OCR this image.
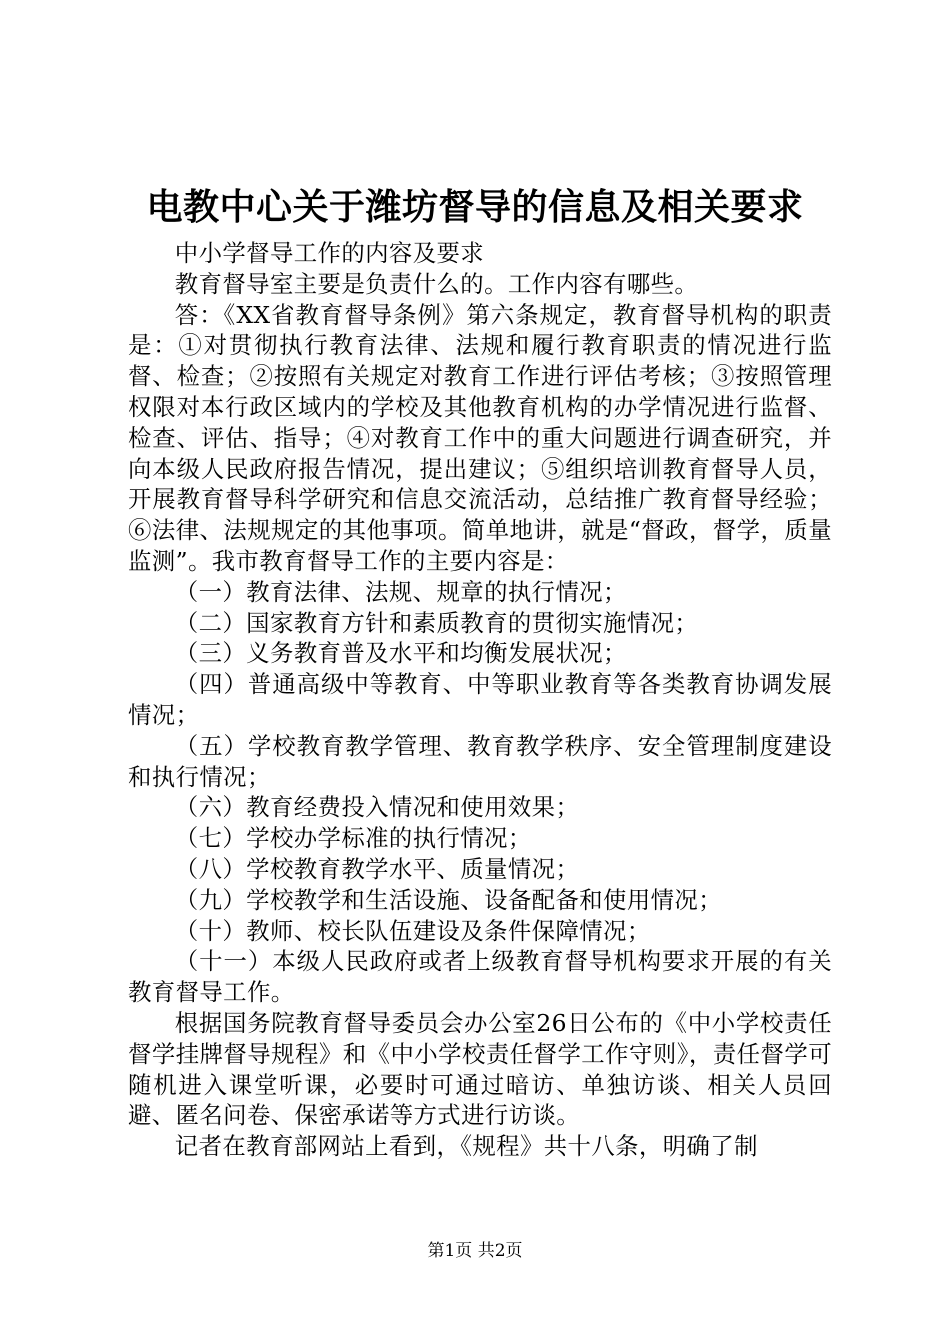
电教中心关于潍坊督导的信息及相关要求

中小学督导工作的内容及要求

教育督导室主要是负责什么的。工作内容有哪些。

答：《XX省教育督导条例》第六条规定，教育督导机构的职责是：①对贯彻执行教育法律、法规和履行教育职责的情况进行监督、检查；②按照有关规定对教育工作进行评估考核；③按照管理权限对本行政区域内的学校及其他教育机构的办学情况进行监督、检查、评估、指导；④对教育工作中的重大问题进行调查研究，并向本级人民政府报告情况，提出建议；⑤组织培训教育督导人员，开展教育督导科学研究和信息交流活动，总结推广教育督导经验；⑥法律、法规规定的其他事项。简单地讲，就是“督政，督学，质量监测”。我市教育督导工作的主要内容是：

（一）教育法律、法规、规章的执行情况；

（二）国家教育方针和素质教育的贯彻实施情况；

（三）义务教育普及水平和均衡发展状况；

（四）普通高级中等教育、中等职业教育等各类教育协调发展情况；

（五）学校教育教学管理、教育教学秩序、安全管理制度建设和执行情况；

（六）教育经费投入情况和使用效果；

（七）学校办学标准的执行情况；

（八）学校教育教学水平、质量情况；

（九）学校教学和生活设施、设备配备和使用情况；

（十）教师、校长队伍建设及条件保障情况；

（十一）本级人民政府或者上级教育督导机构要求开展的有关教育督导工作。

根据国务院教育督导委员会办公室26日公布的《中小学校责任督学挂牌督导规程》和《中小学校责任督学工作守则》，责任督学可随机进入课堂听课，必要时可通过暗访、单独访谈、相关人员回避、匿名问卷、保密承诺等方式进行访谈。

记者在教育部网站上看到，《规程》共十八条，明确了制

第1页 共2页
